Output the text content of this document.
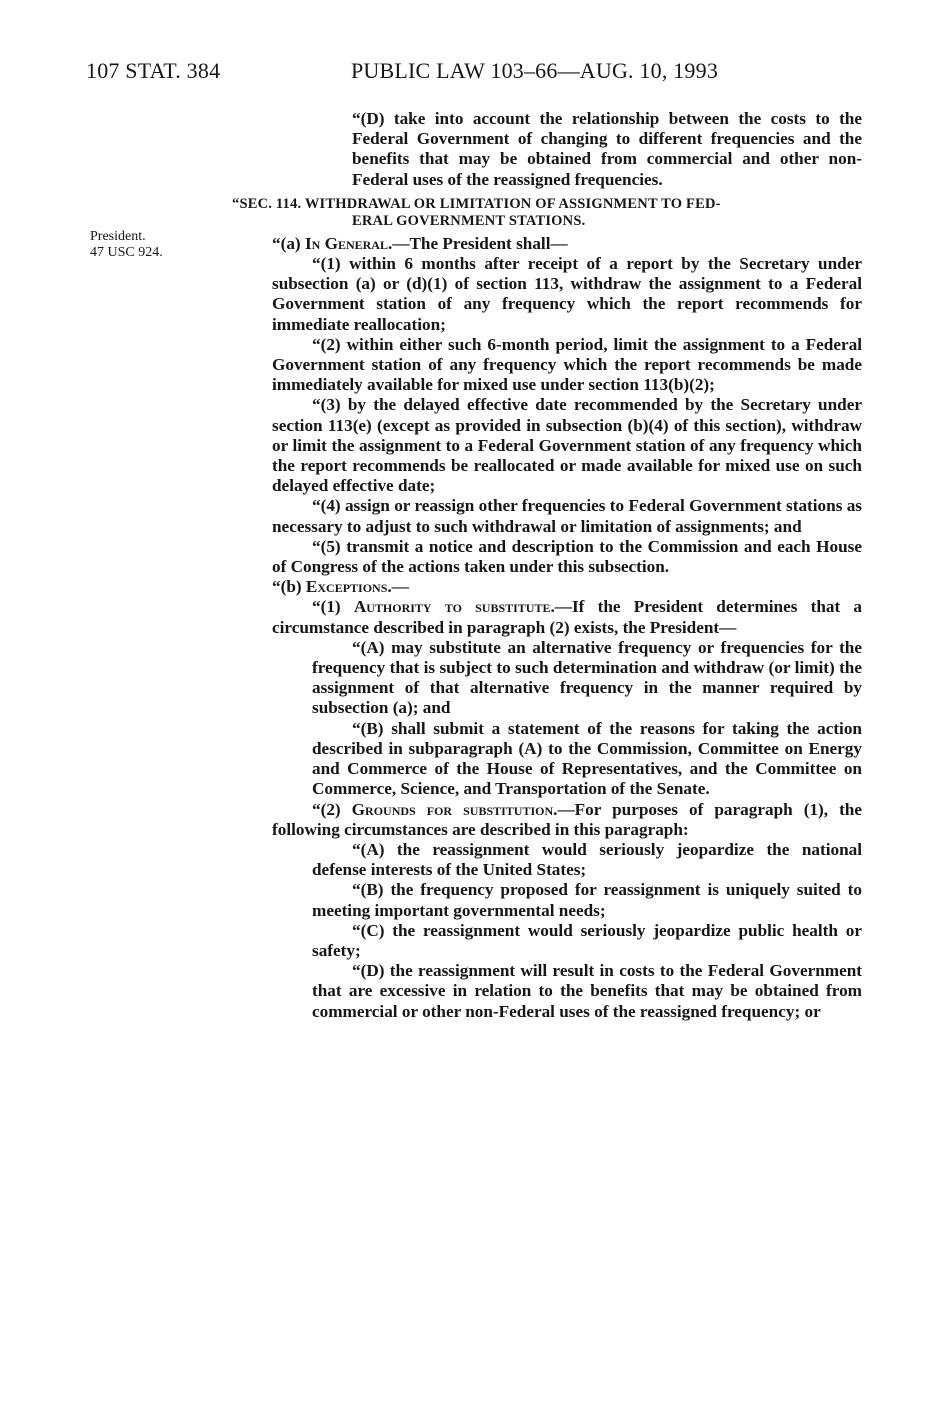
107 STAT. 384	PUBLIC LAW 103–66—AUG. 10, 1993
President.
47 USC 924.

“(D) take into account the relationship between the costs to the Federal Government of changing to different frequencies and the benefits that may be obtained from commercial and other non-Federal uses of the reassigned frequencies.

“SEC. 114. WITHDRAWAL OR LIMITATION OF ASSIGNMENT TO FED-
ERAL GOVERNMENT STATIONS.

“(a) In General.—The President shall—

“(1) within 6 months after receipt of a report by the Secretary under subsection (a) or (d)(1) of section 113, withdraw the assignment to a Federal Government station of any frequency which the report recommends for immediate reallocation;

“(2) within either such 6-month period, limit the assignment to a Federal Government station of any frequency which the report recommends be made immediately available for mixed use under section 113(b)(2);

“(3) by the delayed effective date recommended by the Secretary under section 113(e) (except as provided in subsection (b)(4) of this section), withdraw or limit the assignment to a Federal Government station of any frequency which the report recommends be reallocated or made available for mixed use on such delayed effective date;

“(4) assign or reassign other frequencies to Federal Government stations as necessary to adjust to such withdrawal or limitation of assignments; and

“(5) transmit a notice and description to the Commission and each House of Congress of the actions taken under this subsection.

“(b) Exceptions.—

“(1) Authority to substitute.—If the President determines that a circumstance described in paragraph (2) exists, the President—

“(A) may substitute an alternative frequency or frequencies for the frequency that is subject to such determination and withdraw (or limit) the assignment of that alternative frequency in the manner required by subsection (a); and

“(B) shall submit a statement of the reasons for taking the action described in subparagraph (A) to the Commission, Committee on Energy and Commerce of the House of Representatives, and the Committee on Commerce, Science, and Transportation of the Senate.

“(2) Grounds for substitution.—For purposes of paragraph (1), the following circumstances are described in this paragraph:

“(A) the reassignment would seriously jeopardize the national defense interests of the United States;

“(B) the frequency proposed for reassignment is uniquely suited to meeting important governmental needs;

“(C) the reassignment would seriously jeopardize public health or safety;

“(D) the reassignment will result in costs to the Federal Government that are excessive in relation to the benefits that may be obtained from commercial or other non-Federal uses of the reassigned frequency; or
